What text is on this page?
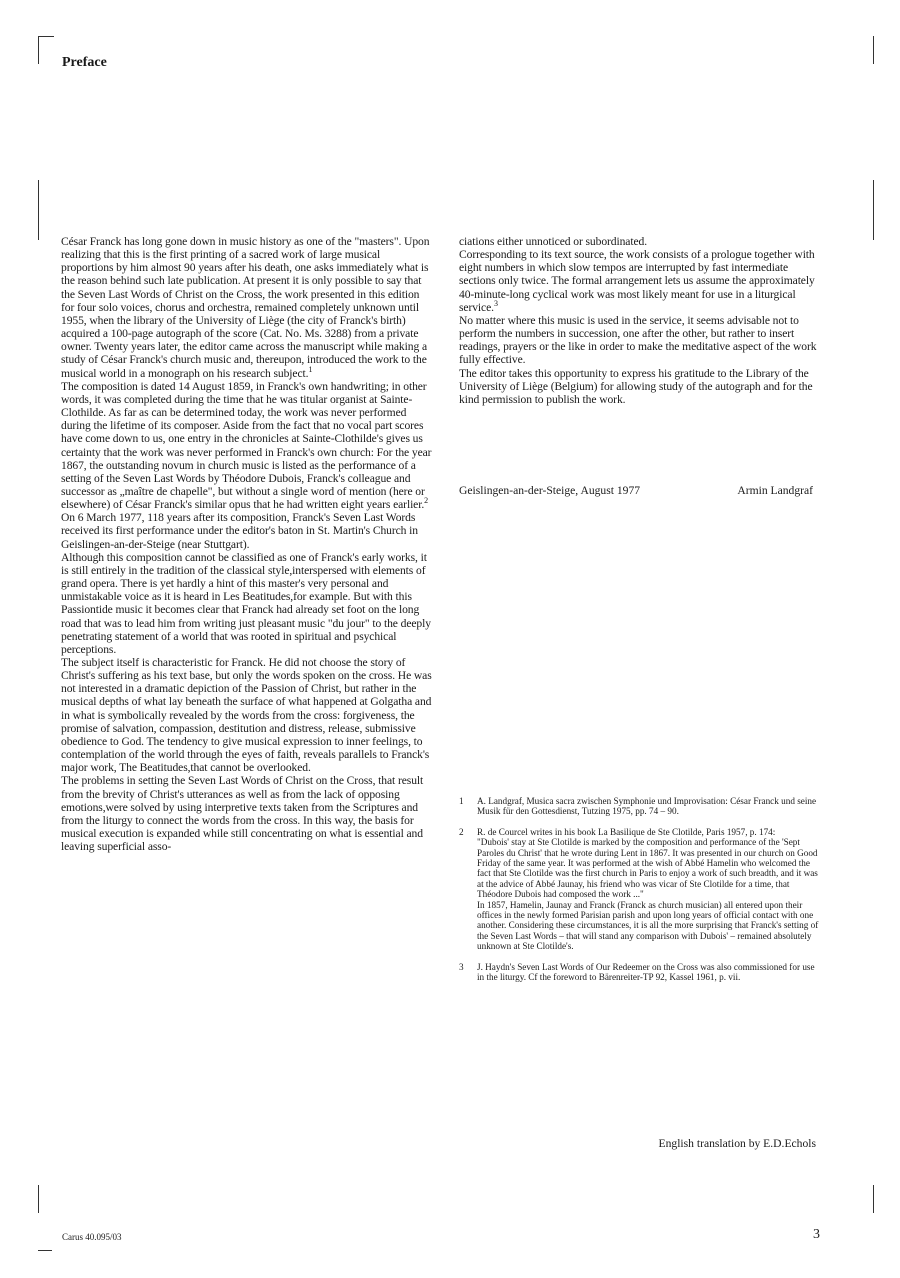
Preface

César Franck has long gone down in music history as one of the "masters". Upon realizing that this is the first printing of a sacred work of large musical proportions by him almost 90 years after his death, one asks immediately what is the reason behind such late publication. At present it is only possible to say that the Seven Last Words of Christ on the Cross, the work presented in this edition for four solo voices, chorus and orchestra, remained completely unknown until 1955, when the library of the University of Liège (the city of Franck's birth) acquired a 100-page autograph of the score (Cat. No. Ms. 3288) from a private owner. Twenty years later, the editor came across the manuscript while making a study of César Franck's church music and, thereupon, introduced the work to the musical world in a monograph on his research subject.$^1$

The composition is dated 14 August 1859, in Franck's own handwriting; in other words, it was completed during the time that he was titular organist at Sainte-Clothilde. As far as can be determined today, the work was never performed during the lifetime of its composer. Aside from the fact that no vocal part scores have come down to us, one entry in the chronicles at Sainte-Clothilde's gives us certainty that the work was never performed in Franck's own church: For the year 1867, the outstanding novum in church music is listed as the performance of a setting of the Seven Last Words by Théodore Dubois, Franck's colleague and successor as „maître de chapelle", but without a single word of mention (here or elsewhere) of César Franck's similar opus that he had written eight years earlier.$^2$

On 6 March 1977, 118 years after its composition, Franck's Seven Last Words received its first performance under the editor's baton in St. Martin's Church in Geislingen-an-der-Steige (near Stuttgart).

Although this composition cannot be classified as one of Franck's early works, it is still entirely in the tradition of the classical style,interspersed with elements of grand opera. There is yet hardly a hint of this master's very personal and unmistakable voice as it is heard in Les Beatitudes,for example. But with this Passiontide music it becomes clear that Franck had already set foot on the long road that was to lead him from writing just pleasant music "du jour" to the deeply penetrating statement of a world that was rooted in spiritual and psychical perceptions.

The subject itself is characteristic for Franck. He did not choose the story of Christ's suffering as his text base, but only the words spoken on the cross. He was not interested in a dramatic depiction of the Passion of Christ, but rather in the musical depths of what lay beneath the surface of what happened at Golgatha and in what is symbolically revealed by the words from the cross: forgiveness, the promise of salvation, compassion, destitution and distress, release, submissive obedience to God. The tendency to give musical expression to inner feelings, to contemplation of the world through the eyes of faith, reveals parallels to Franck's major work, The Beatitudes,that cannot be overlooked.

The problems in setting the Seven Last Words of Christ on the Cross, that result from the brevity of Christ's utterances as well as from the lack of opposing emotions,were solved by using interpretive texts taken from the Scriptures and from the liturgy to connect the words from the cross. In this way, the basis for musical execution is expanded while still concentrating on what is essential and leaving superficial asso-

ciations either unnoticed or subordinated.

Corresponding to its text source, the work consists of a prologue together with eight numbers in which slow tempos are interrupted by fast intermediate sections only twice. The formal arrangement lets us assume the approximately 40-minute-long cyclical work was most likely meant for use in a liturgical service.$^3$

No matter where this music is used in the service, it seems advisable not to perform the numbers in succession, one after the other, but rather to insert readings, prayers or the like in order to make the meditative aspect of the work fully effective.

The editor takes this opportunity to express his gratitude to the Library of the University of Liège (Belgium) for allowing study of the autograph and for the kind permission to publish the work.

Geislingen-an-der-Steige, August 1977	Armin Landgraf
1	A. Landgraf, Musica sacra zwischen Symphonie und Improvisation: César Franck und seine Musik für den Gottesdienst, Tutzing 1975, pp. 74 – 90.

2	R. de Courcel writes in his book La Basilique de Ste Clotilde, Paris 1957, p. 174:

"Dubois' stay at Ste Clotilde is marked by the composition and performance of the 'Sept Paroles du Christ' that he wrote during Lent in 1867. It was presented in our church on Good Friday of the same year. It was performed at the wish of Abbé Hamelin who welcomed the fact that Ste Clotilde was the first church in Paris to enjoy a work of such breadth, and it was at the advice of Abbé Jaunay, his friend who was vicar of Ste Clotilde for a time, that Théodore Dubois had composed the work ..."

In 1857, Hamelin, Jaunay and Franck (Franck as church musician) all entered upon their offices in the newly formed Parisian parish and upon long years of official contact with one another. Considering these circumstances, it is all the more surprising that Franck's setting of the Seven Last Words – that will stand any comparison with Dubois' – remained absolutely unknown at Ste Clotilde's.

3	J. Haydn's Seven Last Words of Our Redeemer on the Cross was also commissioned for use in the liturgy. Cf the foreword to Bärenreiter-TP 92, Kassel 1961, p. vii.

English translation by E.D.Echols
Carus 40.095/03	3
